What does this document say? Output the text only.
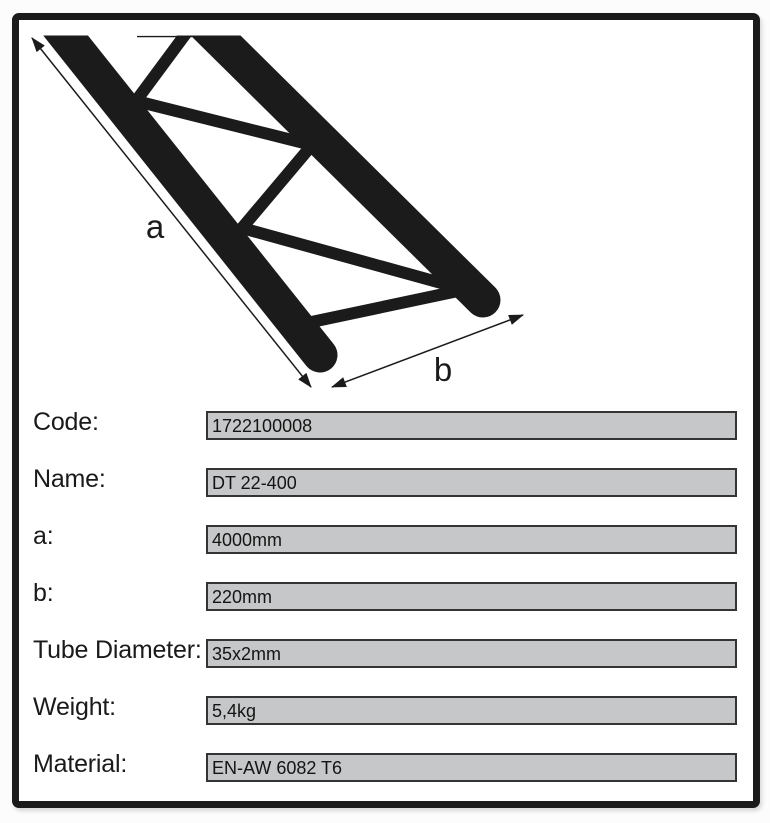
a
b
Code:	1722100008
Name:	DT 22-400
a:	4000mm
b:	220mm
Tube Diameter: 35x2mm
Weight:	5,4kg
Material:	EN-AW 6082 T6
